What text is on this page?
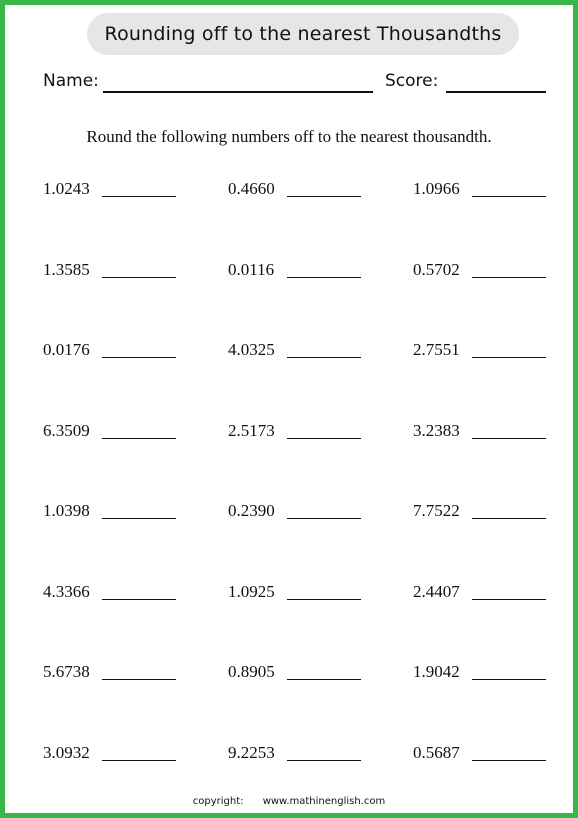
Rounding off to the nearest Thousandths
Name:	Score:
Round the following numbers off to the nearest thousandth.
1.0243	0.4660	1.0966
1.3585	0.0116	0.5702
0.0176	4.0325	2.7551
6.3509	2.5173	3.2383
1.0398	0.2390	7.7522
4.3366	1.0925	2.4407
5.6738	0.8905	1.9042
3.0932	9.2253	0.5687
copyright: www.mathinenglish.com
